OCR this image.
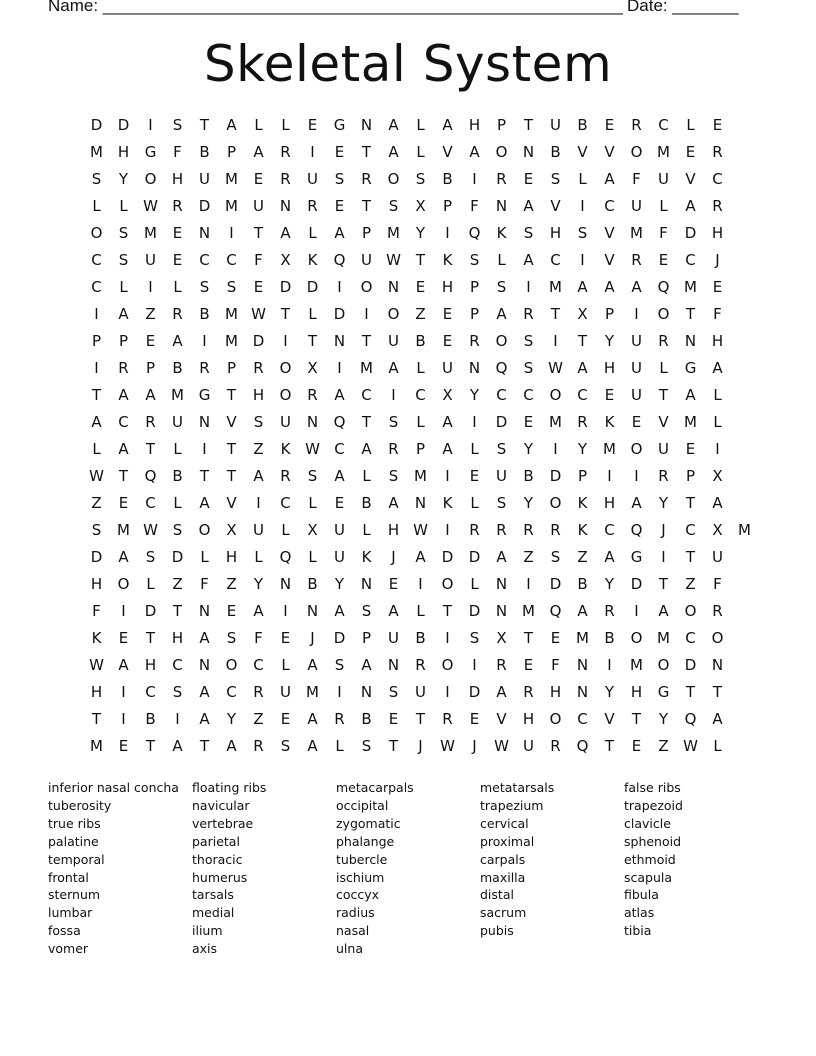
Name: _______________________________________________________ Date: _______
Skeletal System
D	D	I	S	T	A	L	L	E	G	N	A	L	A	H	P	T	U	B	E	R	C	L	E
M H	G	F	B	P	A	R	I	E	T	A	L	V	A	O	N	B	V	V	O M	E	R
S	Y	O	H	U	M	E	R	U	S	R	O	S	B	I	R	E	S	L	A	F	U	V	C
L	L	W R	D M	U	N	R	E	T	S	X	P	F	N	A	V	I	C	U	L	A	R
O	S	M	E	N	I	T	A	L	A	P	M	Y	I	Q	K	S	H	S	V	M	F	D	H
C	S	U	E	C	C	F	X	K	Q	U W T	K	S	L	A	C	I	V	R	E	C	J
C	L	I	L	S	S	E	D	D	I	O	N	E	H	P	S	I	M	A	A	A	Q M	E
I	A	Z	R	B	M W T	L	D	I	O	Z	E	P	A	R	T	X	P	I	O	T	F
P	P	E	A	I	M D	I	T	N	T	U	B	E	R	O	S	I	T	Y	U	R	N	H
I	R	P	B	R	P	R	O	X	I	M	A	L	U	N	Q	S W A	H	U	L	G	A
T	A	A	M G	T	H	O	R	A	C	I	C	X	Y	C	C	O	C	E	U	T	A	L
A	C	R	U	N	V	S	U	N	Q	T	S	L	A	I	D	E	M	R	K	E	V	M	L
L	A	T	L	I	T	Z	K W C	A	R	P	A	L	S	Y	I	Y	M O	U	E	I
W T	Q	B	T	T	A	R	S	A	L	S	M	I	E	U	B	D	P	I	I	R	P	X
Z	E	C	L	A	V	I	C	L	E	B	A	N	K	L	S	Y	O	K	H	A	Y	T	A
S	M W S	O	X	U	L	X	U	L	H W	I	R	R	R	R	K	C	Q	J	C	X	M
D	A	S	D	L	H	L	Q	L	U	K	J	A	D	D	A	Z	S	Z	A	G	I	T	U
H	O	L	Z	F	Z	Y	N	B	Y	N	E	I	O	L	N	I	D	B	Y	D	T	Z	F
F	I	D	T	N	E	A	I	N	A	S	A	L	T	D	N M Q	A	R	I	A	O	R
K	E	T	H	A	S	F	E	J	D	P	U	B	I	S	X	T	E	M	B	O M	C	O
W A	H	C	N	O	C	L	A	S	A	N	R	O	I	R	E	F	N	I	M O	D	N
H	I	C	S	A	C	R	U	M	I	N	S	U	I	D	A	R	H	N	Y	H	G	T	T
T	I	B	I	A	Y	Z	E	A	R	B	E	T	R	E	V	H	O	C	V	T	Y	Q	A
M	E	T	A	T	A	R	S	A	L	S	T	J	W	J	W U	R	Q	T	E	Z W	L
inferior nasal concha
tuberosity
true ribs
palatine
temporal
frontal
sternum
lumbar
fossa
vomer
floating ribs
navicular
vertebrae
parietal
thoracic
humerus
tarsals
medial
ilium
axis
metacarpals
occipital
zygomatic
phalange
tubercle
ischium
coccyx
radius
nasal
ulna
metatarsals
trapezium
cervical
proximal
carpals
maxilla
distal
sacrum
pubis
false ribs
trapezoid
clavicle
sphenoid
ethmoid
scapula
fibula
atlas
tibia
